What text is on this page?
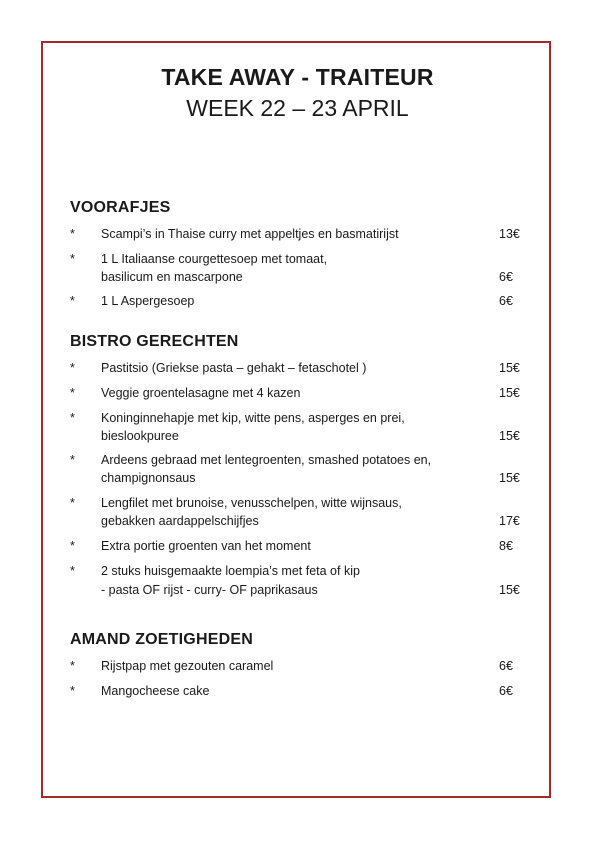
TAKE AWAY - TRAITEUR
WEEK 22 – 23 APRIL
VOORAFJES
* Scampi’s in Thaise curry met appeltjes en basmatirijst	13€
* 1 L Italiaanse courgettesoep met tomaat,
basilicum en mascarpone	6€
* 1 L Aspergesoep	6€
BISTRO GERECHTEN
* Pastitsio (Griekse pasta – gehakt – fetaschotel )	15€
* Veggie groentelasagne met 4 kazen	15€
* Koninginnehapje met kip, witte pens, asperges en prei,
bieslookpuree	15€
* Ardeens gebraad met lentegroenten, smashed potatoes en,
champignonsaus	15€
* Lengfilet met brunoise, venusschelpen, witte wijnsaus,
gebakken aardappelschijfjes	17€
* Extra portie groenten van het moment	8€
* 2 stuks huisgemaakte loempia’s met feta of kip
- pasta OF rijst - curry- OF paprikasaus	15€
AMAND ZOETIGHEDEN
* Rijstpap met gezouten caramel	6€
* Mangocheese cake	6€
